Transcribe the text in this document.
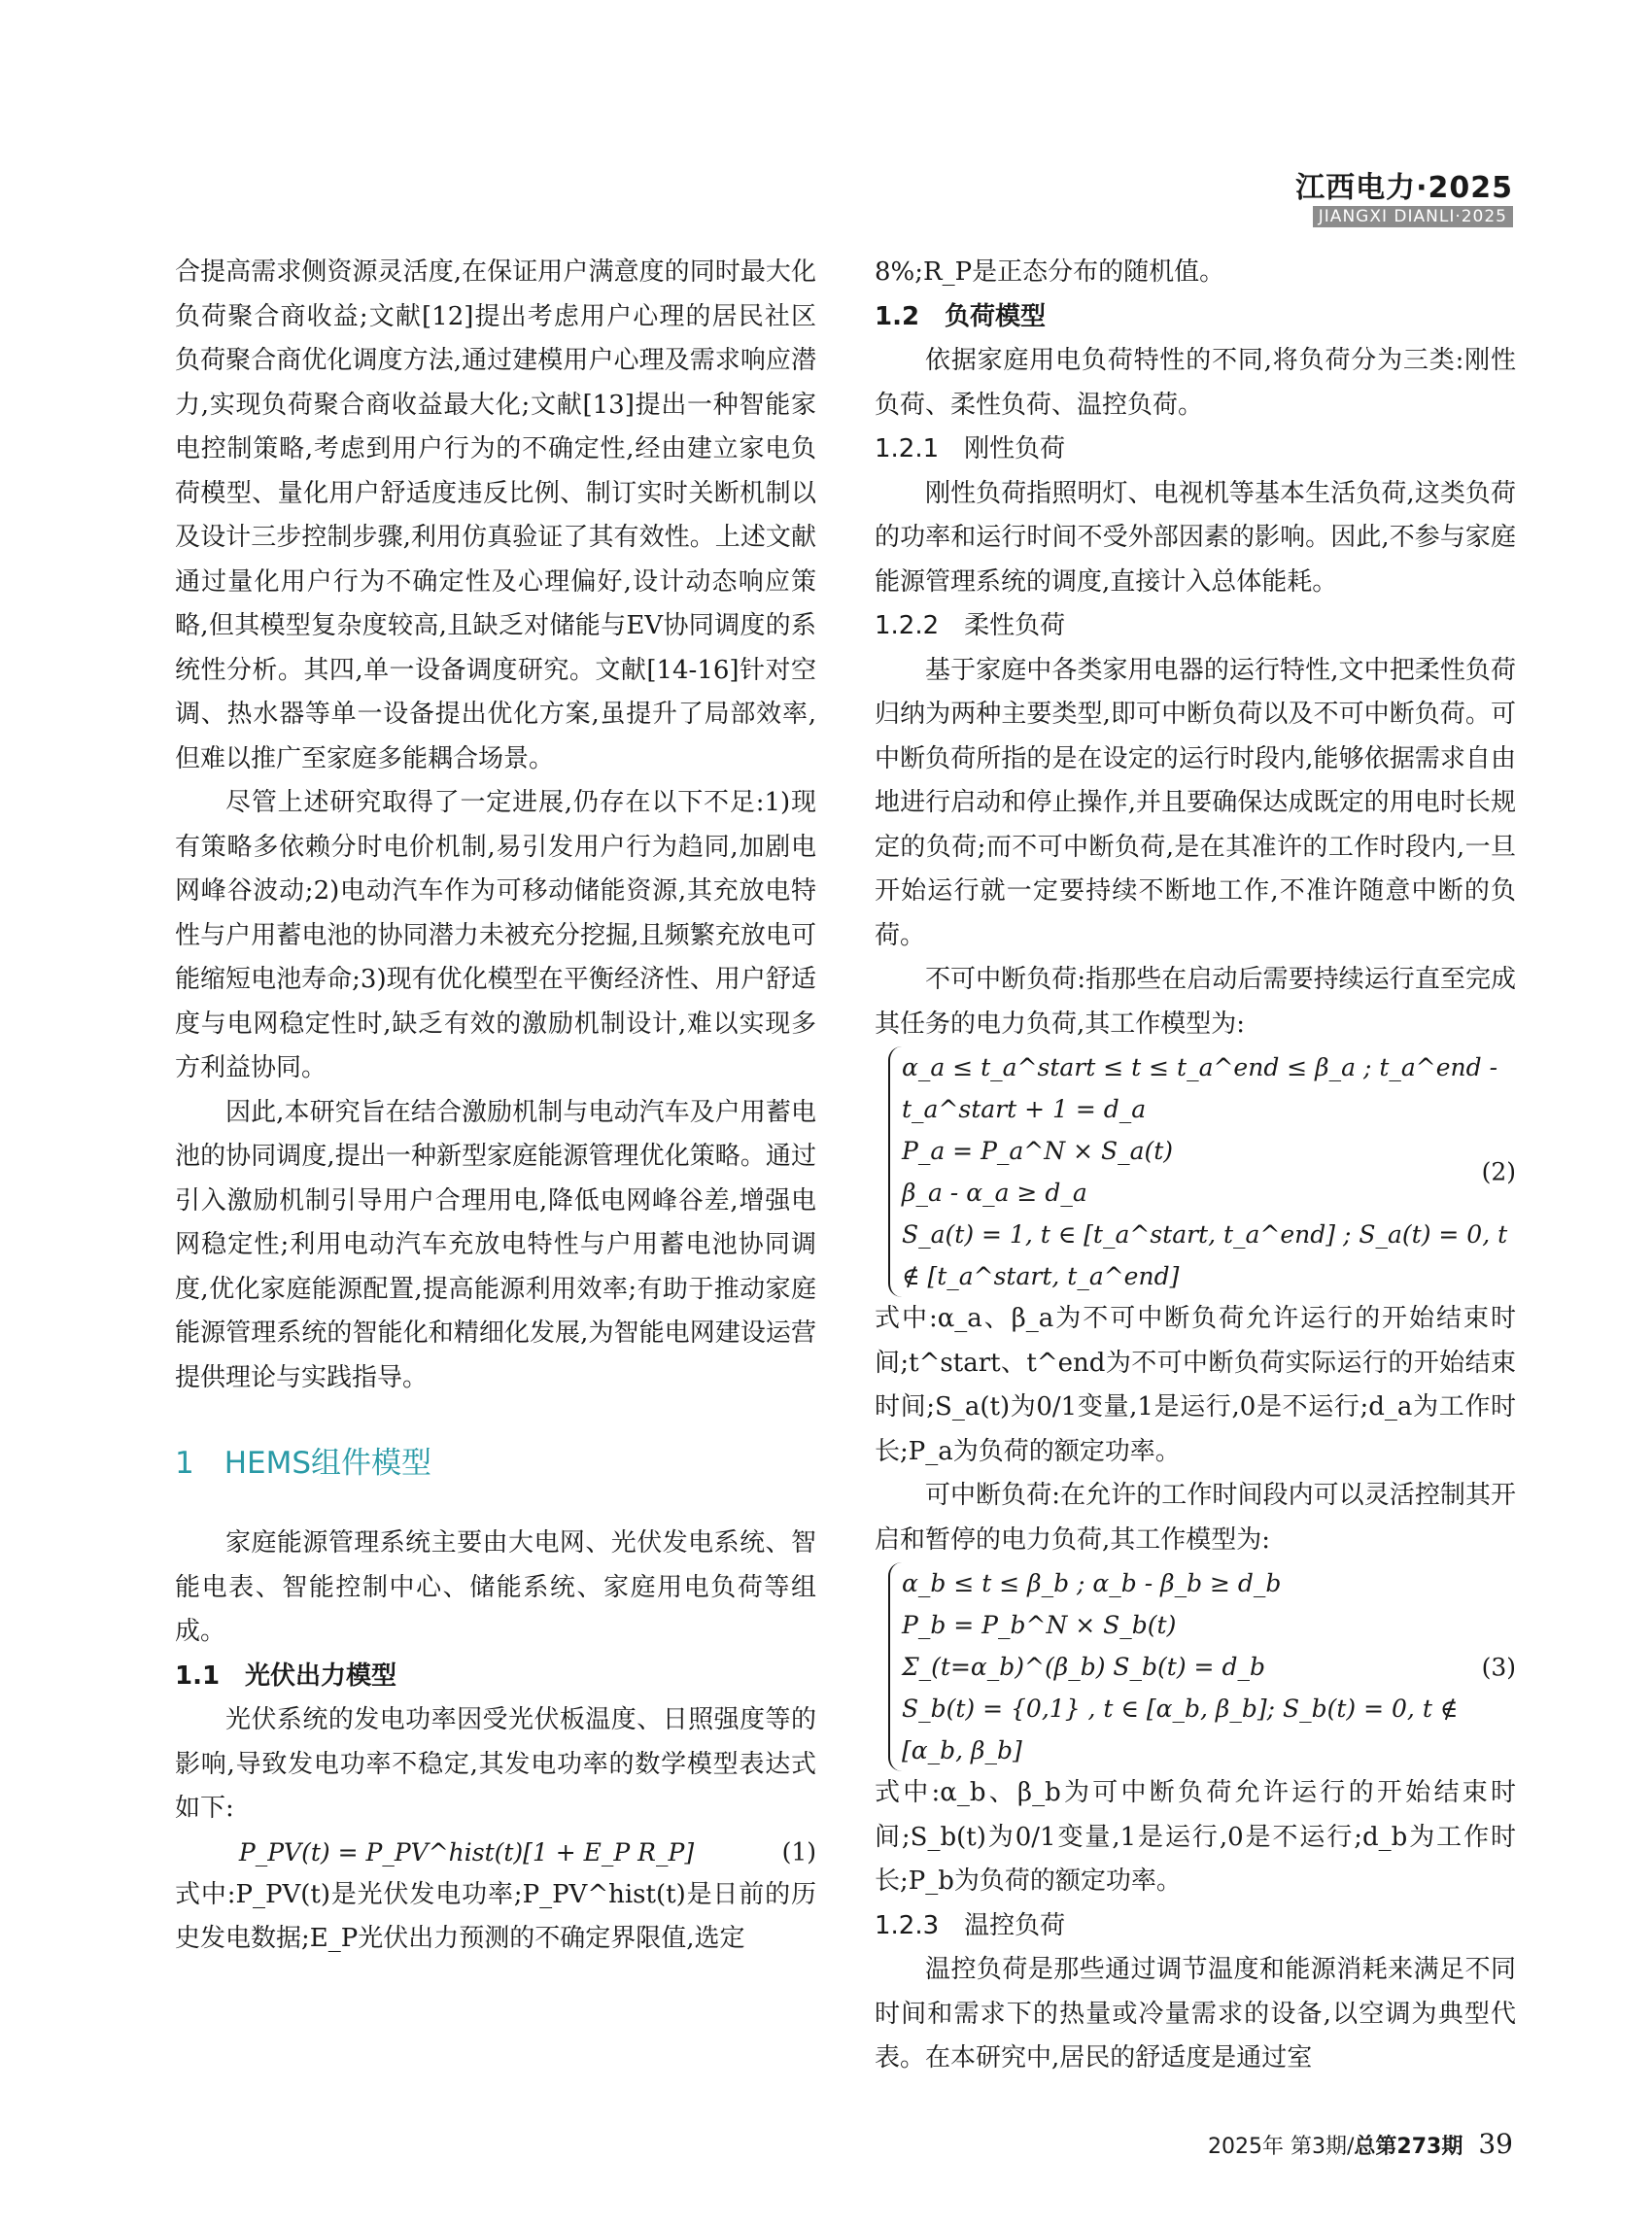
江西电力·2025
JIANGXI DIANLI·2025

合提高需求侧资源灵活度,在保证用户满意度的同时最大化负荷聚合商收益;文献[12]提出考虑用户心理的居民社区负荷聚合商优化调度方法,通过建模用户心理及需求响应潜力,实现负荷聚合商收益最大化;文献[13]提出一种智能家电控制策略,考虑到用户行为的不确定性,经由建立家电负荷模型、量化用户舒适度违反比例、制订实时关断机制以及设计三步控制步骤,利用仿真验证了其有效性。上述文献通过量化用户行为不确定性及心理偏好,设计动态响应策略,但其模型复杂度较高,且缺乏对储能与EV协同调度的系统性分析。其四,单一设备调度研究。文献[14-16]针对空调、热水器等单一设备提出优化方案,虽提升了局部效率,但难以推广至家庭多能耦合场景。

尽管上述研究取得了一定进展,仍存在以下不足:1)现有策略多依赖分时电价机制,易引发用户行为趋同,加剧电网峰谷波动;2)电动汽车作为可移动储能资源,其充放电特性与户用蓄电池的协同潜力未被充分挖掘,且频繁充放电可能缩短电池寿命;3)现有优化模型在平衡经济性、用户舒适度与电网稳定性时,缺乏有效的激励机制设计,难以实现多方利益协同。

因此,本研究旨在结合激励机制与电动汽车及户用蓄电池的协同调度,提出一种新型家庭能源管理优化策略。通过引入激励机制引导用户合理用电,降低电网峰谷差,增强电网稳定性;利用电动汽车充放电特性与户用蓄电池协同调度,优化家庭能源配置,提高能源利用效率;有助于推动家庭能源管理系统的智能化和精细化发展,为智能电网建设运营提供理论与实践指导。

1　HEMS组件模型

家庭能源管理系统主要由大电网、光伏发电系统、智能电表、智能控制中心、储能系统、家庭用电负荷等组成。

1.1　光伏出力模型

光伏系统的发电功率因受光伏板温度、日照强度等的影响,导致发电功率不稳定,其发电功率的数学模型表达式如下:

P_PV(t) = P_PV^hist(t)[1 + E_P R_P]	(1)

式中:P_PV(t)是光伏发电功率;P_PV^hist(t)是日前的历史发电数据;E_P光伏出力预测的不确定界限值,选定

8%;R_P是正态分布的随机值。

1.2　负荷模型

依据家庭用电负荷特性的不同,将负荷分为三类:刚性负荷、柔性负荷、温控负荷。

1.2.1　刚性负荷

刚性负荷指照明灯、电视机等基本生活负荷,这类负荷的功率和运行时间不受外部因素的影响。因此,不参与家庭能源管理系统的调度,直接计入总体能耗。

1.2.2　柔性负荷

基于家庭中各类家用电器的运行特性,文中把柔性负荷归纳为两种主要类型,即可中断负荷以及不可中断负荷。可中断负荷所指的是在设定的运行时段内,能够依据需求自由地进行启动和停止操作,并且要确保达成既定的用电时长规定的负荷;而不可中断负荷,是在其准许的工作时段内,一旦开始运行就一定要持续不断地工作,不准许随意中断的负荷。

不可中断负荷:指那些在启动后需要持续运行直至完成其任务的电力负荷,其工作模型为:

α_a ≤ t_a^start ≤ t ≤ t_a^end ≤ β_a ; t_a^end - t_a^start + 1 = d_a
P_a = P_a^N × S_a(t)
β_a - α_a ≥ d_a
S_a(t) = 1, t ∈ [t_a^start, t_a^end] ; S_a(t) = 0, t ∉ [t_a^start, t_a^end]
(2)

式中:α_a、β_a为不可中断负荷允许运行的开始结束时间;t^start、t^end为不可中断负荷实际运行的开始结束时间;S_a(t)为0/1变量,1是运行,0是不运行;d_a为工作时长;P_a为负荷的额定功率。

可中断负荷:在允许的工作时间段内可以灵活控制其开启和暂停的电力负荷,其工作模型为:

α_b ≤ t ≤ β_b ; α_b - β_b ≥ d_b
P_b = P_b^N × S_b(t)
Σ_(t=α_b)^(β_b) S_b(t) = d_b
S_b(t) = {0,1} , t ∈ [α_b, β_b]; S_b(t) = 0, t ∉ [α_b, β_b]
(3)

式中:α_b、β_b为可中断负荷允许运行的开始结束时间;S_b(t)为0/1变量,1是运行,0是不运行;d_b为工作时长;P_b为负荷的额定功率。

1.2.3　温控负荷

温控负荷是那些通过调节温度和能源消耗来满足不同时间和需求下的热量或冷量需求的设备,以空调为典型代表。在本研究中,居民的舒适度是通过室

2025年 第3期/总第273期 39
